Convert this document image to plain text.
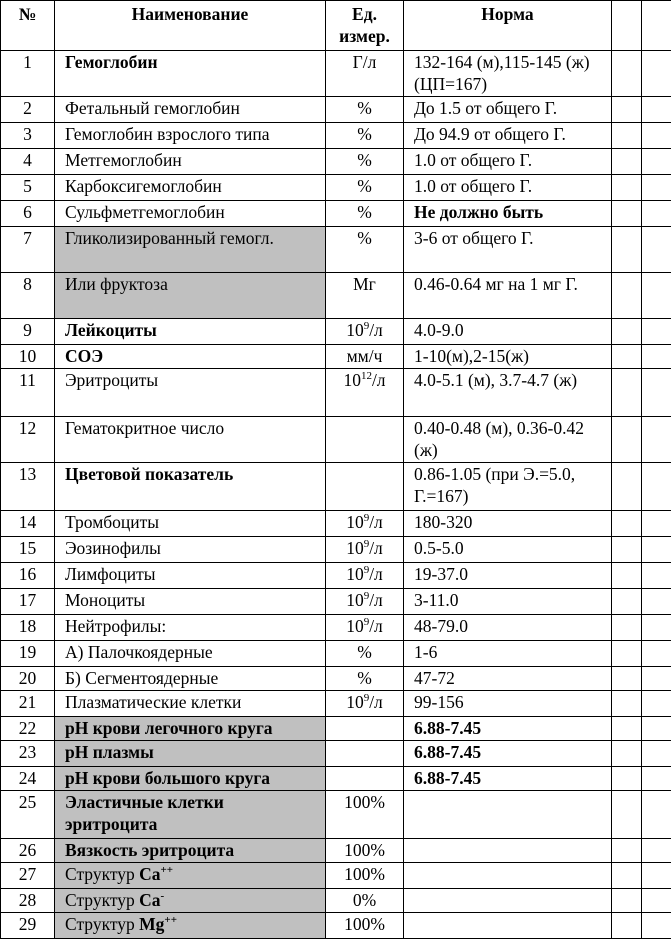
№	Наименование	Ед. измер.	Норма		
1	Гемоглобин	Г/л	132-164 (м),115-145 (ж) (ЦП=167)		
2	Фетальный гемоглобин	%	До 1.5 от общего Г.		
3	Гемоглобин взрослого типа	%	До 94.9 от общего Г.		
4	Метгемоглобин	%	1.0 от общего Г.		
5	Карбоксигемоглобин	%	1.0 от общего Г.		
6	Сульфметгемоглобин	%	Не должно быть		
7	Гликолизированный гемогл.	%	3-6 от общего Г.		
8	Или фруктоза	Мг	0.46-0.64 мг на 1 мг Г.		
9	Лейкоциты	$10^9/л$	4.0-9.0		
10	СОЭ	мм/ч	1-10(м),2-15(ж)		
11	Эритроциты	$10^{12}/л$	4.0-5.1 (м), 3.7-4.7 (ж)		
12	Гематокритное число		0.40-0.48 (м), 0.36-0.42 (ж)		
13	Цветовой показатель		0.86-1.05 (при Э.=5.0, Г.=167)		
14	Тромбоциты	$10^9/л$	180-320		
15	Эозинофилы	$10^9/л$	0.5-5.0		
16	Лимфоциты	$10^9/л$	19-37.0		
17	Моноциты	$10^9/л$	3-11.0		
18	Нейтрофилы:	$10^9/л$	48-79.0		
19	А) Палочкоядерные	%	1-6		
20	Б) Сегментоядерные	%	47-72		
21	Плазматические клетки	$10^9/л$	99-156		
22	pH крови легочного круга		6.88-7.45		
23	pH плазмы		6.88-7.45		
24	pH крови большого круга		6.88-7.45		
25	Эластичные клетки эритроцита	100%			
26	Вязкость эритроцита	100%			
27	Структур Ca++	100%			
28	Структур Ca-	0%			
29	Структур Mg++	100%			
